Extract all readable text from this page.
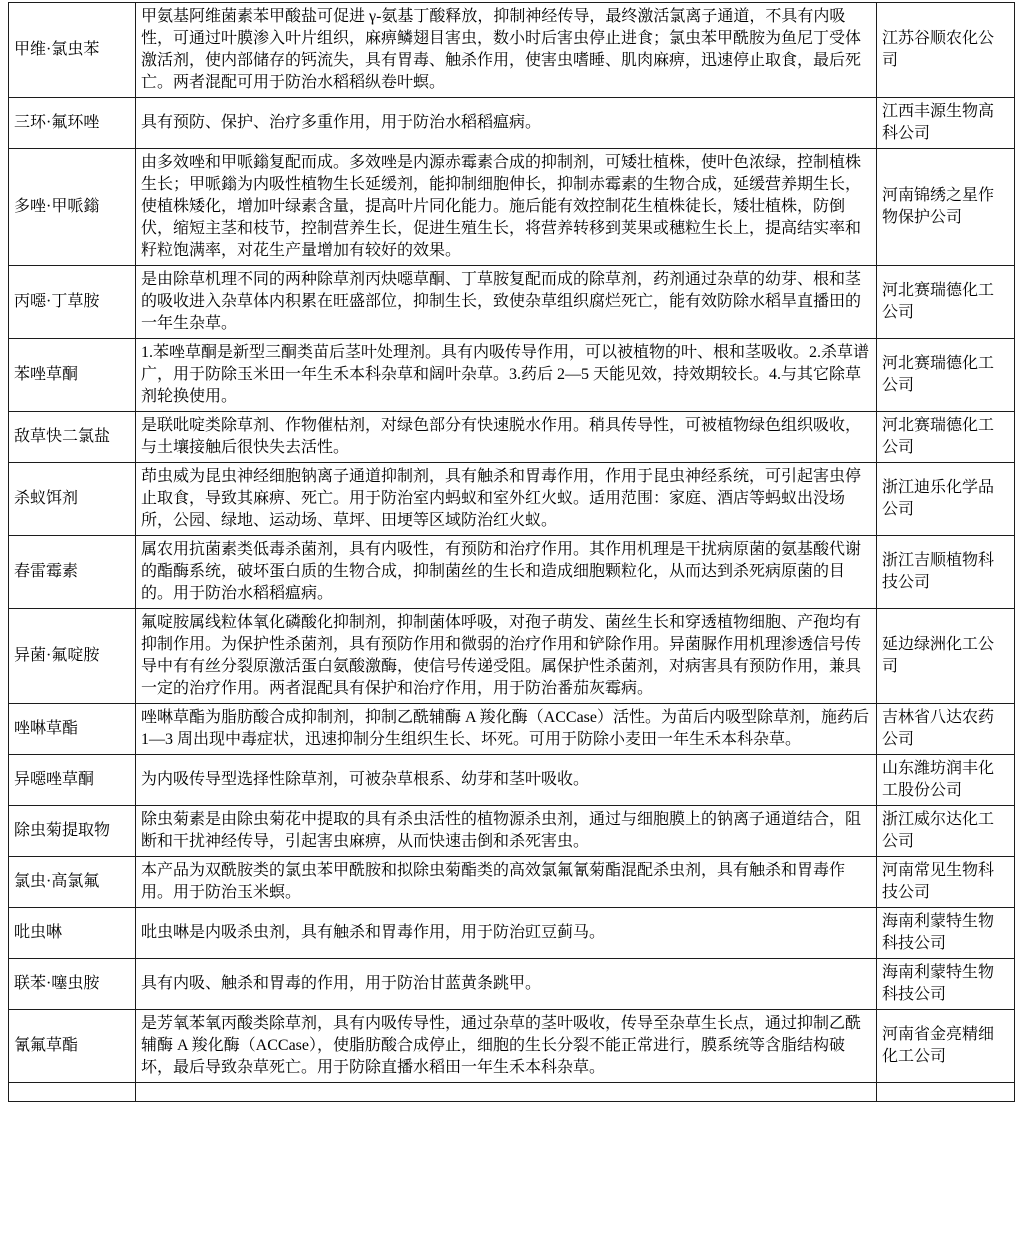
甲维·氯虫苯	甲氨基阿维菌素苯甲酸盐可促进 γ-氨基丁酸释放，抑制神经传导，最终激活氯离子通道，不具有内吸性，可通过叶膜渗入叶片组织，麻痹鳞翅目害虫，数小时后害虫停止进食；氯虫苯甲酰胺为鱼尼丁受体激活剂，使内部储存的钙流失，具有胃毒、触杀作用，使害虫嗜睡、肌肉麻痹，迅速停止取食，最后死亡。两者混配可用于防治水稻稻纵卷叶螟。	江苏谷顺农化公司
三环·氟环唑	具有预防、保护、治疗多重作用，用于防治水稻稻瘟病。	江西丰源生物高科公司
多唑·甲哌鎓	由多效唑和甲哌鎓复配而成。多效唑是内源赤霉素合成的抑制剂，可矮壮植株，使叶色浓绿，控制植株生长；甲哌鎓为内吸性植物生长延缓剂，能抑制细胞伸长，抑制赤霉素的生物合成，延缓营养期生长，使植株矮化，增加叶绿素含量，提高叶片同化能力。施后能有效控制花生植株徒长，矮壮植株，防倒伏，缩短主茎和枝节，控制营养生长，促进生殖生长，将营养转移到荚果或穗粒生长上，提高结实率和籽粒饱满率，对花生产量增加有较好的效果。	河南锦绣之星作物保护公司
丙噁·丁草胺	是由除草机理不同的两种除草剂丙炔噁草酮、丁草胺复配而成的除草剂，药剂通过杂草的幼芽、根和茎的吸收进入杂草体内积累在旺盛部位，抑制生长，致使杂草组织腐烂死亡，能有效防除水稻旱直播田的一年生杂草。	河北赛瑞德化工公司
苯唑草酮	1.苯唑草酮是新型三酮类苗后茎叶处理剂。具有内吸传导作用，可以被植物的叶、根和茎吸收。2.杀草谱广，用于防除玉米田一年生禾本科杂草和阔叶杂草。3.药后 2—5 天能见效，持效期较长。4.与其它除草剂轮换使用。	河北赛瑞德化工公司
敌草快二氯盐	是联吡啶类除草剂、作物催枯剂，对绿色部分有快速脱水作用。稍具传导性，可被植物绿色组织吸收，与土壤接触后很快失去活性。	河北赛瑞德化工公司
杀蚁饵剂	茚虫威为昆虫神经细胞钠离子通道抑制剂，具有触杀和胃毒作用，作用于昆虫神经系统，可引起害虫停止取食，导致其麻痹、死亡。用于防治室内蚂蚁和室外红火蚁。适用范围：家庭、酒店等蚂蚁出没场所，公园、绿地、运动场、草坪、田埂等区域防治红火蚁。	浙江迪乐化学品公司
春雷霉素	属农用抗菌素类低毒杀菌剂，具有内吸性，有预防和治疗作用。其作用机理是干扰病原菌的氨基酸代谢的酯酶系统，破坏蛋白质的生物合成，抑制菌丝的生长和造成细胞颗粒化，从而达到杀死病原菌的目的。用于防治水稻稻瘟病。	浙江吉顺植物科技公司
异菌·氟啶胺	氟啶胺属线粒体氧化磷酸化抑制剂，抑制菌体呼吸，对孢子萌发、菌丝生长和穿透植物细胞、产孢均有抑制作用。为保护性杀菌剂，具有预防作用和微弱的治疗作用和铲除作用。异菌脲作用机理渗透信号传导中有有丝分裂原激活蛋白氨酸激酶，使信号传递受阻。属保护性杀菌剂，对病害具有预防作用，兼具一定的治疗作用。两者混配具有保护和治疗作用，用于防治番茄灰霉病。	延边绿洲化工公司
唑啉草酯	唑啉草酯为脂肪酸合成抑制剂，抑制乙酰辅酶 A 羧化酶（ACCase）活性。为苗后内吸型除草剂，施药后 1—3 周出现中毒症状，迅速抑制分生组织生长、坏死。可用于防除小麦田一年生禾本科杂草。	吉林省八达农药公司
异噁唑草酮	为内吸传导型选择性除草剂，可被杂草根系、幼芽和茎叶吸收。	山东潍坊润丰化工股份公司
除虫菊提取物	除虫菊素是由除虫菊花中提取的具有杀虫活性的植物源杀虫剂，通过与细胞膜上的钠离子通道结合，阻断和干扰神经传导，引起害虫麻痹，从而快速击倒和杀死害虫。	浙江威尔达化工公司
氯虫·高氯氟	本产品为双酰胺类的氯虫苯甲酰胺和拟除虫菊酯类的高效氯氟氰菊酯混配杀虫剂，具有触杀和胃毒作用。用于防治玉米螟。	河南常见生物科技公司
吡虫啉	吡虫啉是内吸杀虫剂，具有触杀和胃毒作用，用于防治豇豆蓟马。	海南利蒙特生物科技公司
联苯·噻虫胺	具有内吸、触杀和胃毒的作用，用于防治甘蓝黄条跳甲。	海南利蒙特生物科技公司
氰氟草酯	是芳氧苯氧丙酸类除草剂，具有内吸传导性，通过杂草的茎叶吸收，传导至杂草生长点，通过抑制乙酰辅酶 A 羧化酶（ACCase），使脂肪酸合成停止，细胞的生长分裂不能正常进行，膜系统等含脂结构破坏，最后导致杂草死亡。用于防除直播水稻田一年生禾本科杂草。	河南省金亮精细化工公司
